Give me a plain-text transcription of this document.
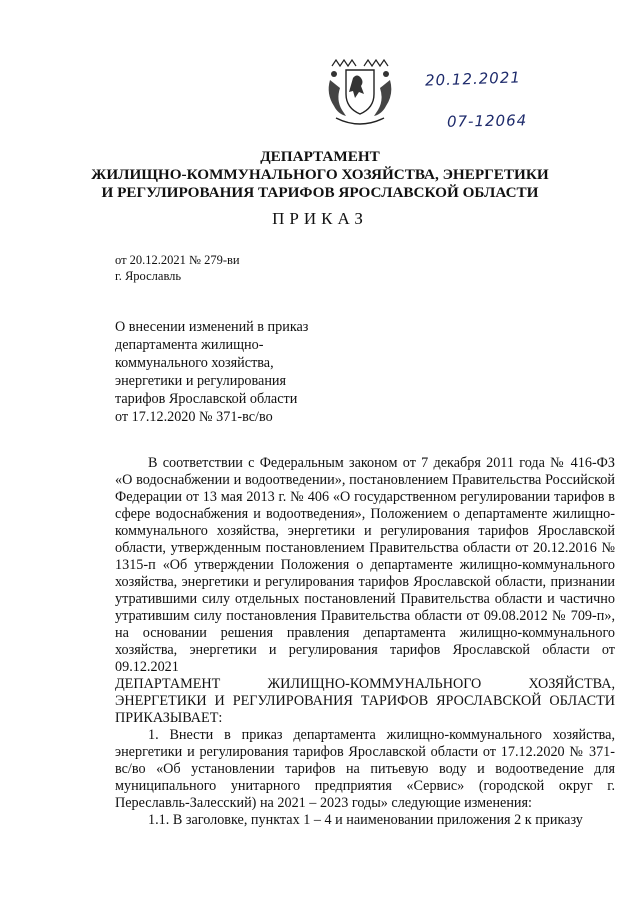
20.12.2021
07-12064
ДЕПАРТАМЕНТ
ЖИЛИЩНО-КОММУНАЛЬНОГО ХОЗЯЙСТВА, ЭНЕРГЕТИКИ
И РЕГУЛИРОВАНИЯ ТАРИФОВ ЯРОСЛАВСКОЙ ОБЛАСТИ
ПРИКАЗ
от 20.12.2021 № 279-ви
г. Ярославль
О внесении изменений в приказ
департамента жилищно-
коммунального хозяйства,
энергетики и регулирования
тарифов Ярославской области
от 17.12.2020 № 371-вс/во

В соответствии с Федеральным законом от 7 декабря 2011 года № 416-ФЗ «О водоснабжении и водоотведении», постановлением Правительства Российской Федерации от 13 мая 2013 г. № 406 «О государственном регулировании тарифов в сфере водоснабжения и водоотведения», Положением о департаменте жилищно-коммунального хозяйства, энергетики и регулирования тарифов Ярославской области, утвержденным постановлением Правительства области от 20.12.2016 № 1315-п «Об утверждении Положения о департаменте жилищно-коммунального хозяйства, энергетики и регулирования тарифов Ярославской области, признании утратившими силу отдельных постановлений Правительства области и частично утратившим силу постановления Правительства области от 09.08.2012 № 709-п», на основании решения правления департамента жилищно-коммунального хозяйства, энергетики и регулирования тарифов Ярославской области от 09.12.2021

ДЕПАРТАМЕНТ ЖИЛИЩНО-КОММУНАЛЬНОГО ХОЗЯЙСТВА, ЭНЕРГЕТИКИ И РЕГУЛИРОВАНИЯ ТАРИФОВ ЯРОСЛАВСКОЙ ОБЛАСТИ ПРИКАЗЫВАЕТ:

1. Внести в приказ департамента жилищно-коммунального хозяйства, энергетики и регулирования тарифов Ярославской области от 17.12.2020 № 371-вс/во «Об установлении тарифов на питьевую воду и водоотведение для муниципального унитарного предприятия «Сервис» (городской округ г. Переславль-Залесский) на 2021 – 2023 годы» следующие изменения:

1.1. В заголовке, пунктах 1 – 4 и наименовании приложения 2 к приказу
